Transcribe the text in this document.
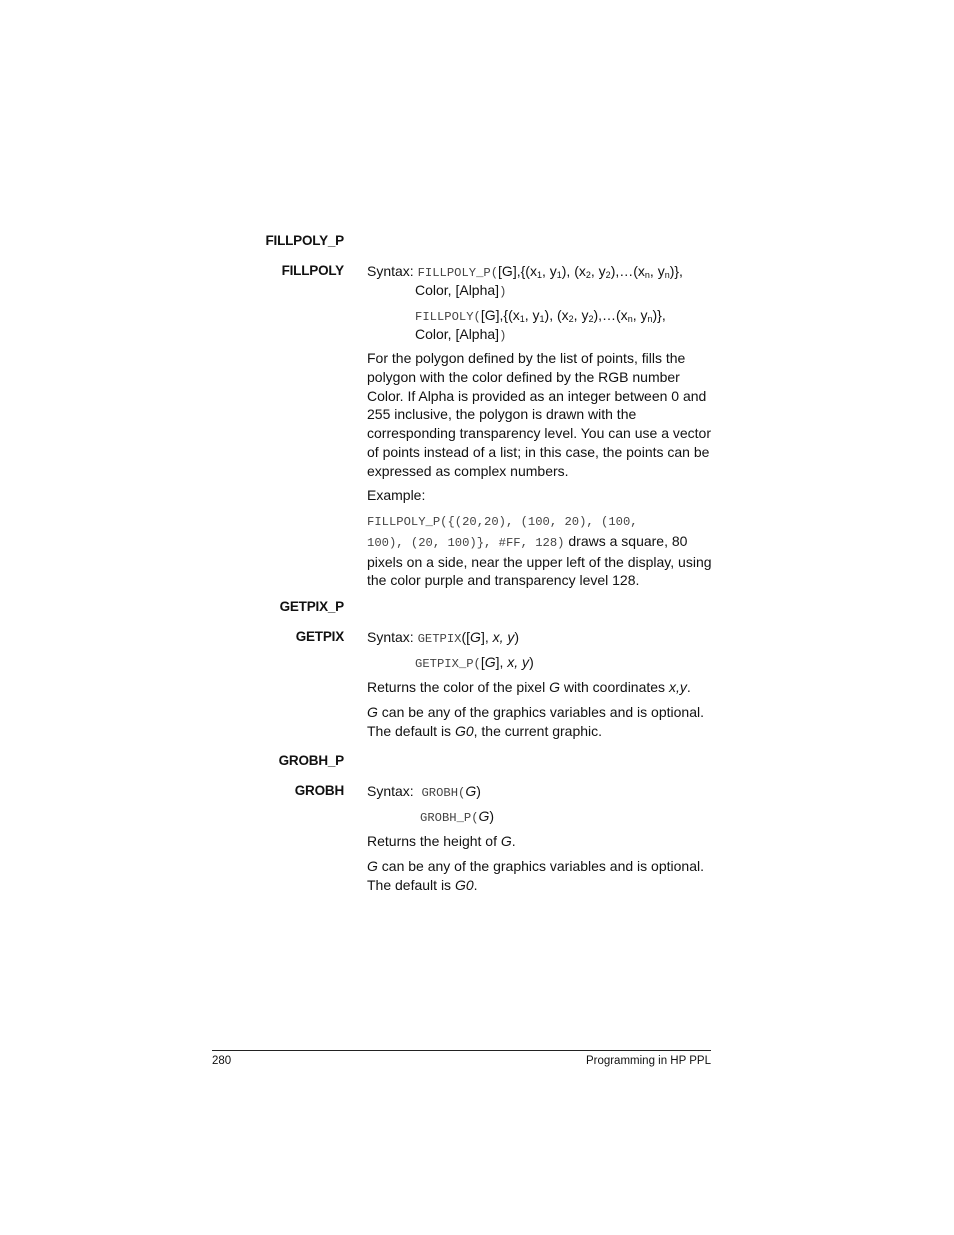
FILLPOLY_P
FILLPOLY
GETPIX_P
GETPIX
GROBH_P
GROBH
Syntax: $FILLPOLY\_P([G],\{(x_1$, $y_1$), ($x_2$, $y_2),\dots(x_n$, $y_n$)},
Color, [Alpha])
$FILLPOLY([G],\{(x_1$, $y_1$), ($x_2$, $y_2),\dots(x_n$, $y_n$)},
Color, [Alpha])
For the polygon defined by the list of points, fills the polygon with the color defined by the RGB number Color. If Alpha is provided as an integer between 0 and 255 inclusive, the polygon is drawn with the corresponding transparency level. You can use a vector of points instead of a list; in this case, the points can be expressed as complex numbers.
Example:
FILLPOLY_P({(20,20), (100, 20), (100,
100), (20, 100)}, #FF, 128) draws a square, 80
pixels on a side, near the upper left of the display, using
the color purple and transparency level 128.
Syntax: GETPIX([G], x, y)
GETPIX_P([G], x, y)
Returns the color of the pixel G with coordinates x,y.
G can be any of the graphics variables and is optional.
The default is G0, the current graphic.
Syntax: GROBH(G)
GROBH_P(G)
Returns the height of G.
G can be any of the graphics variables and is optional.
The default is G0.
280	Programming in HP PPL
